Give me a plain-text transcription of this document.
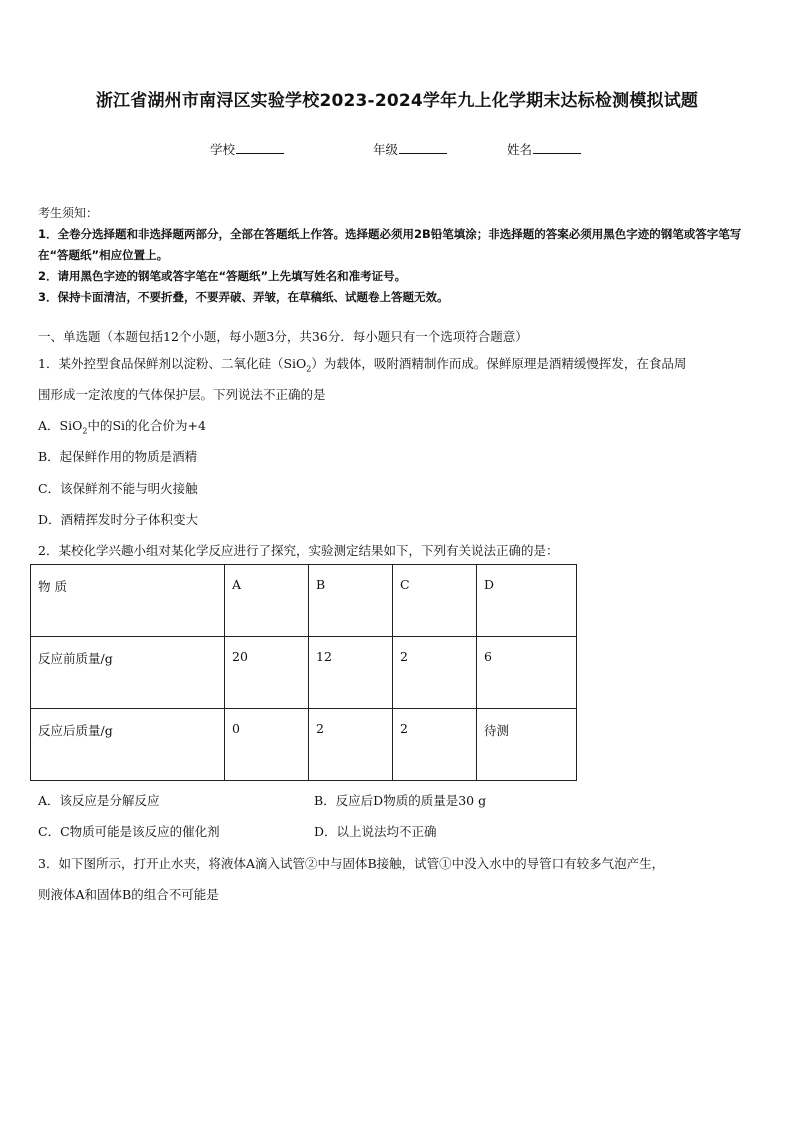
浙江省湖州市南浔区实验学校2023-2024学年九上化学期末达标检测模拟试题
学校	年级	姓名
考生须知：
1．全卷分选择题和非选择题两部分，全部在答题纸上作答。选择题必须用2B铅笔填涂；非选择题的答案必须用黑色字迹的钢笔或答字笔写在“答题纸”相应位置上。
2．请用黑色字迹的钢笔或答字笔在“答题纸”上先填写姓名和准考证号。
3．保持卡面清洁，不要折叠，不要弄破、弄皱，在草稿纸、试题卷上答题无效。
一、单选题（本题包括12个小题，每小题3分，共36分．每小题只有一个选项符合题意）
1．某外控型食品保鲜剂以淀粉、二氧化硅（SiO$_2$）为载体，吸附酒精制作而成。保鲜原理是酒精缓慢挥发，在食品周
围形成一定浓度的气体保护层。下列说法不正确的是
A．SiO$_2$中的Si的化合价为+4
B．起保鲜作用的物质是酒精
C．该保鲜剂不能与明火接触
D．酒精挥发时分子体积变大
2．某校化学兴趣小组对某化学反应进行了探究，实验测定结果如下，下列有关说法正确的是：
物 质	A	B	C	D
反应前质量/g	20	12	2	6
反应后质量/g	0	2	2	待测
A．该反应是分解反应	B．反应后D物质的质量是30 g
C．C物质可能是该反应的催化剂	D．以上说法均不正确
3．如下图所示，打开止水夹，将液体A滴入试管②中与固体B接触，试管①中没入水中的导管口有较多气泡产生，
则液体A和固体B的组合不可能是
